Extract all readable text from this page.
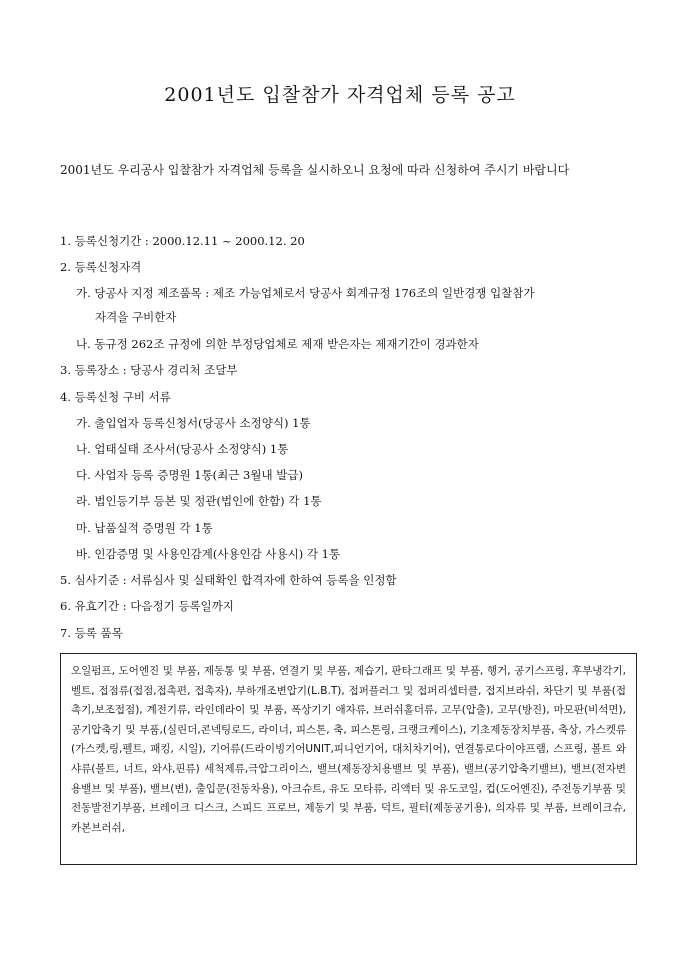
2001년도 입찰참가 자격업체 등록 공고
2001년도 우리공사 입찰참가 자격업체 등록을 실시하오니 요청에 따라 신청하여 주시기 바랍니다
1. 등록신청기간 : 2000.12.11 ~ 2000.12. 20
2. 등록신청자격
가. 당공사 지정 제조품목 : 제조 가능업체로서 당공사 회계규정 176조의 일반경쟁 입찰참가
자격을 구비한자
나. 동규정 262조 규정에 의한 부정당업체로 제재 받은자는 제재기간이 경과한자
3. 등록장소 : 당공사 경리처 조달부
4. 등록신청 구비 서류
가. 출입업자 등록신청서(당공사 소정양식) 1통
나. 업태실태 조사서(당공사 소정양식) 1통
다. 사업자 등록 증명원 1통(최근 3월내 발급)
라. 법인등기부 등본 및 정관(법인에 한함) 각 1통
마. 납품실적 증명원 각 1통
바. 인감증명 및 사용인감계(사용인감 사용시) 각 1통
5. 심사기준 : 서류심사 및 실태확인 합격자에 한하여 등록을 인정함
6. 유효기간 : 다음정기 등록일까지
7. 등록 품목
오일펌프, 도어엔진 및 부품, 제동통 및 부품, 연결기 및 부품, 제습기, 판타그래프 및 부품, 행거, 공기스프링, 후부냉각기, 벨트, 접점류(접점,접촉편, 접촉자), 부하개조변압기(L.B.T), 접퍼플러그 및 접퍼리셉터클, 접지브라쉬, 차단기 및 부품(접촉기,보조접점), 계전기류, 라인데라이 및 부품, 폭상기기 애자류, 브러쉬홀더류, 고무(압출), 고무(방진), 마모판(비석면),공기압축기 및 부품,(실린더,콘넥팅로드, 라이너, 피스톤, 축, 피스톤링, 크랭크케이스), 기초제동장치부품, 축상, 가스켓류(가스켓,링,펠트, 패킹, 시일), 기어류(드라이빙기어UNIT,피니언기어, 대치차기어), 연결통로다이야프램, 스프링, 볼트 와샤류(볼트, 너트, 와샤,핀류) 세척제류,극압그리이스, 밸브(제동장치용밸브 및 부품), 밸브(공기압축기밸브), 밸브(전자변용밸브 및 부품), 밸브(변), 출입문(전동차용), 아크슈트, 유도 모타류, 리액터 및 유도코일, 컵(도어엔진), 주전동기부품 및 전동발전기부품, 브레이크 디스크, 스피드 프로브, 제동기 및 부품, 덕트, 필터(제동공기용), 의자류 및 부품, 브레이크슈, 카본브러쉬,
